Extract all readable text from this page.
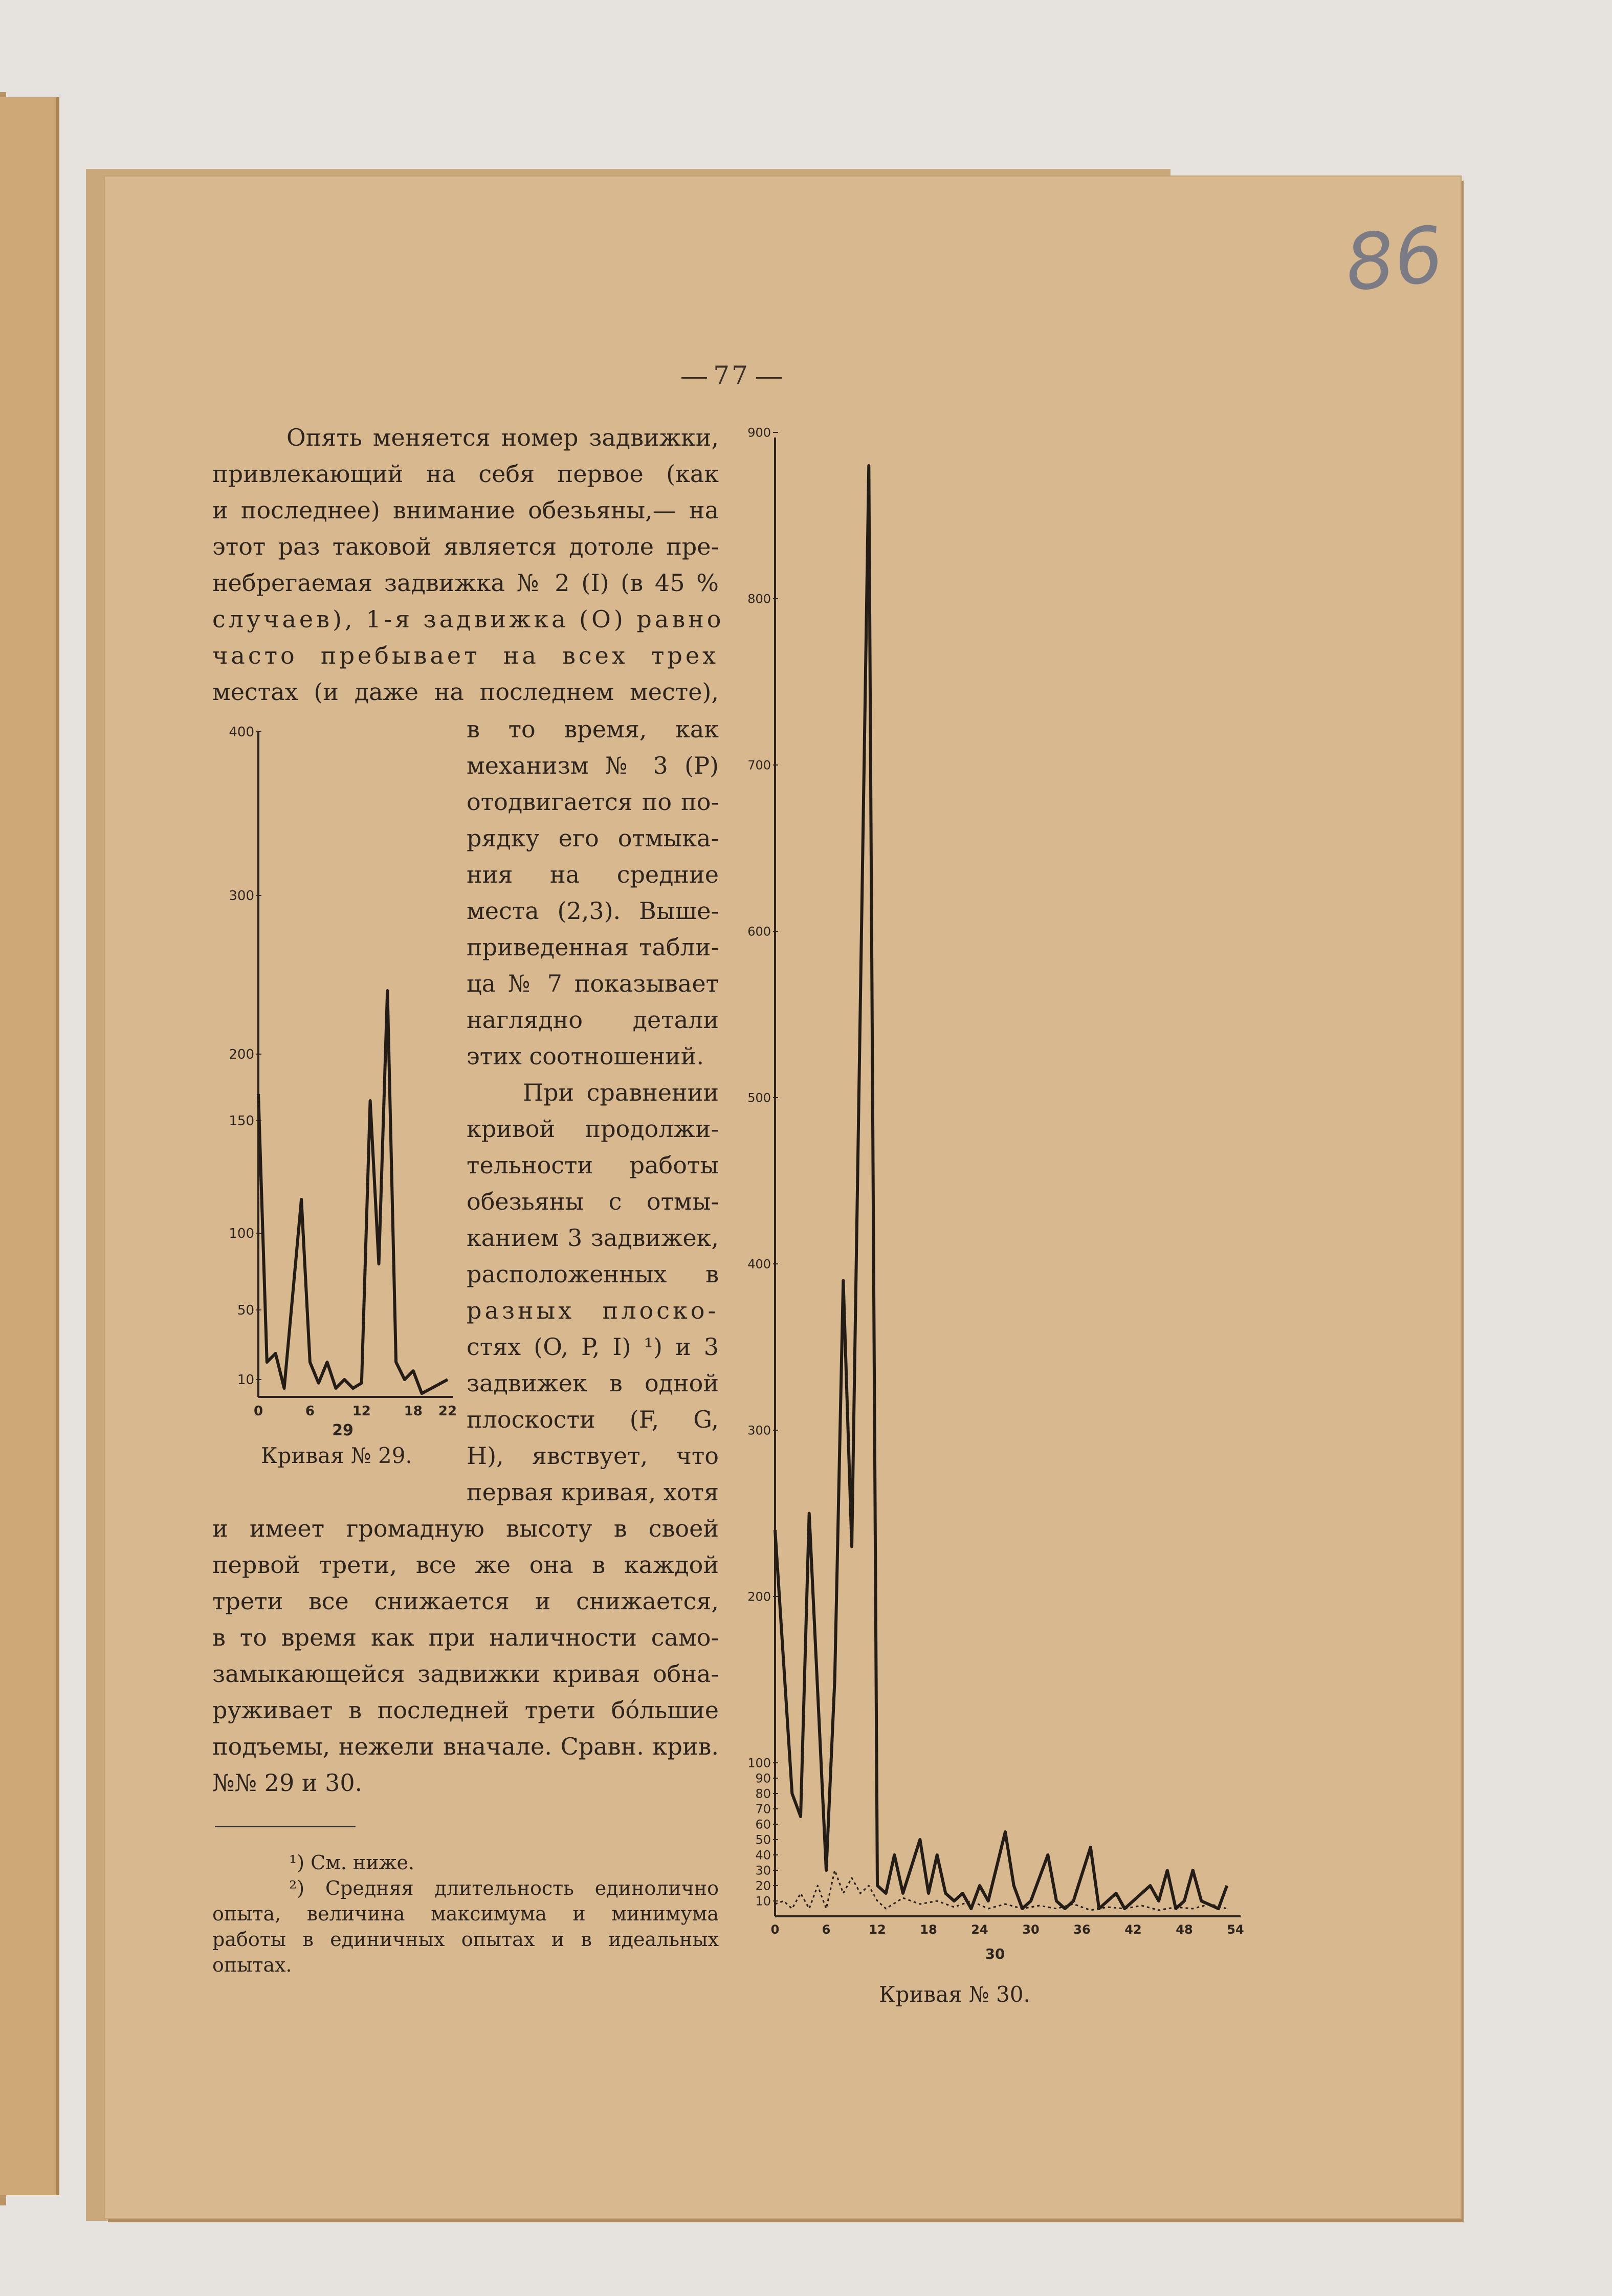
86
77
Опять меняется номер задвижки,
привлекающий на себя первое (как
и последнее) внимание обезьяны,— на
этот раз таковой является дотоле пре-
небрегаемая задвижка № 2 (I) (в 45 %
случаев), 1-я задвижка (O) равно
часто пребывает на всех трех
местах (и даже на последнем месте),
в то время, как
механизм № 3 (P)
отодвигается по по-
рядку его отмыка-
ния на средние
места (2,3). Выше-
приведенная табли-
ца № 7 показывает
наглядно детали
этих соотношений.
При сравнении
кривой продолжи-
тельности работы
обезьяны с отмы-
канием 3 задвижек,
расположенных в
разных плоско-
стях (O, P, I) ¹) и 3
задвижек в одной
плоскости (F, G,
H), явствует, что
первая кривая, хотя
и имеет громадную высоту в своей
первой трети, все же она в каждой
трети все снижается и снижается,
в то время как при наличности само-
замыкающейся задвижки кривая обна-
руживает в последней трети бо́льшие
подъемы, нежели вначале. Сравн. крив.
№№ 29 и 30.
¹) См. ниже.
²) Средняя длительность единолично
опыта, величина максимума и минимума
работы в единичных опытах и в идеальных
опытах.
400
300
200
150
100
50
10
0	6	12 18 22
29
Кривая № 29.
900
800
700
600
500
400
300
200
100
90
80
70
60
50
40
30
20
10
0	6	12	18	24	30	36	42	48	54
30
Кривая № 30.
